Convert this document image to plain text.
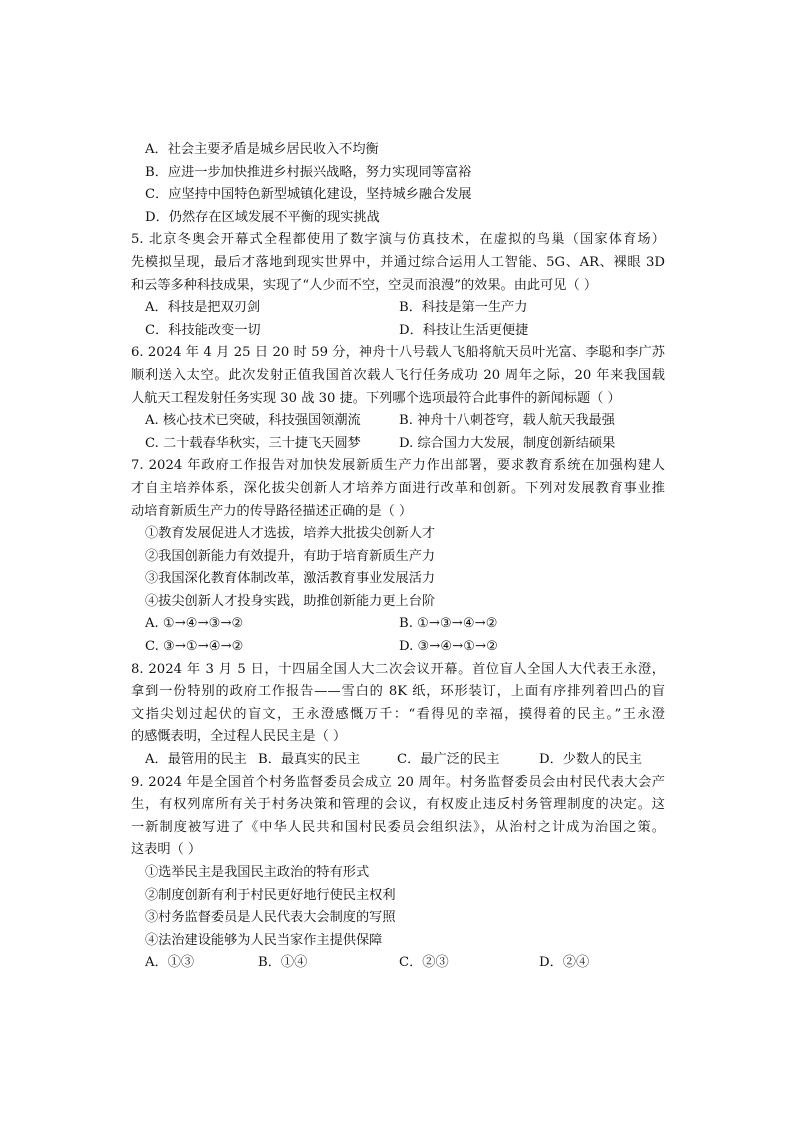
A．社会主要矛盾是城乡居民收入不均衡
B．应进一步加快推进乡村振兴战略，努力实现同等富裕
C．应坚持中国特色新型城镇化建设，坚持城乡融合发展
D．仍然存在区域发展不平衡的现实挑战
5. 北京冬奥会开幕式全程都使用了数字演与仿真技术，在虚拟的鸟巢（国家体育场）
先模拟呈现，最后才落地到现实世界中，并通过综合运用人工智能、5G、AR、裸眼 3D
和云等多种科技成果，实现了“人少而不空，空灵而浪漫”的效果。由此可见（ ）
A．科技是把双刃剑	B．科技是第一生产力
C．科技能改变一切	D．科技让生活更便捷
6. 2024 年 4 月 25 日 20 时 59 分，神舟十八号载人飞船将航天员叶光富、李聪和李广苏
顺利送入太空。此次发射正值我国首次载人飞行任务成功 20 周年之际，20 年来我国载
人航天工程发射任务实现 30 战 30 捷。下列哪个选项最符合此事件的新闻标题（ ）
A. 核心技术已突破，科技强国领潮流	B. 神舟十八刺苍穹，载人航天我最强
C. 二十载春华秋实，三十捷飞天圆梦	D. 综合国力大发展，制度创新结硕果
7. 2024 年政府工作报告对加快发展新质生产力作出部署，要求教育系统在加强构建人
才自主培养体系，深化拔尖创新人才培养方面进行改革和创新。下列对发展教育事业推
动培育新质生产力的传导路径描述正确的是（ ）
①教育发展促进人才选拔，培养大批拔尖创新人才
②我国创新能力有效提升，有助于培育新质生产力
③我国深化教育体制改革，激活教育事业发展活力
④拔尖创新人才投身实践，助推创新能力更上台阶
A. ①→④→③→②	B. ①→③→④→②
C. ③→①→④→②	D. ③→④→①→②
8. 2024 年 3 月 5 日，十四届全国人大二次会议开幕。首位盲人全国人大代表王永澄，
拿到一份特别的政府工作报告——雪白的 8K 纸，环形装订，上面有序排列着凹凸的盲
文指尖划过起伏的盲文，王永澄感慨万千：“看得见的幸福，摸得着的民主。”王永澄
的感慨表明，全过程人民民主是（ ）
A．最管用的民主 B．最真实的民主	C．最广泛的民主	D．少数人的民主
9. 2024 年是全国首个村务监督委员会成立 20 周年。村务监督委员会由村民代表大会产
生，有权列席所有关于村务决策和管理的会议，有权废止违反村务管理制度的决定。这
一新制度被写进了《中华人民共和国村民委员会组织法》，从治村之计成为治国之策。
这表明（ ）
①选举民主是我国民主政治的特有形式
②制度创新有利于村民更好地行使民主权利
③村务监督委员是人民代表大会制度的写照
④法治建设能够为人民当家作主提供保障
A．①③	B．①④	C．②③	D．②④
